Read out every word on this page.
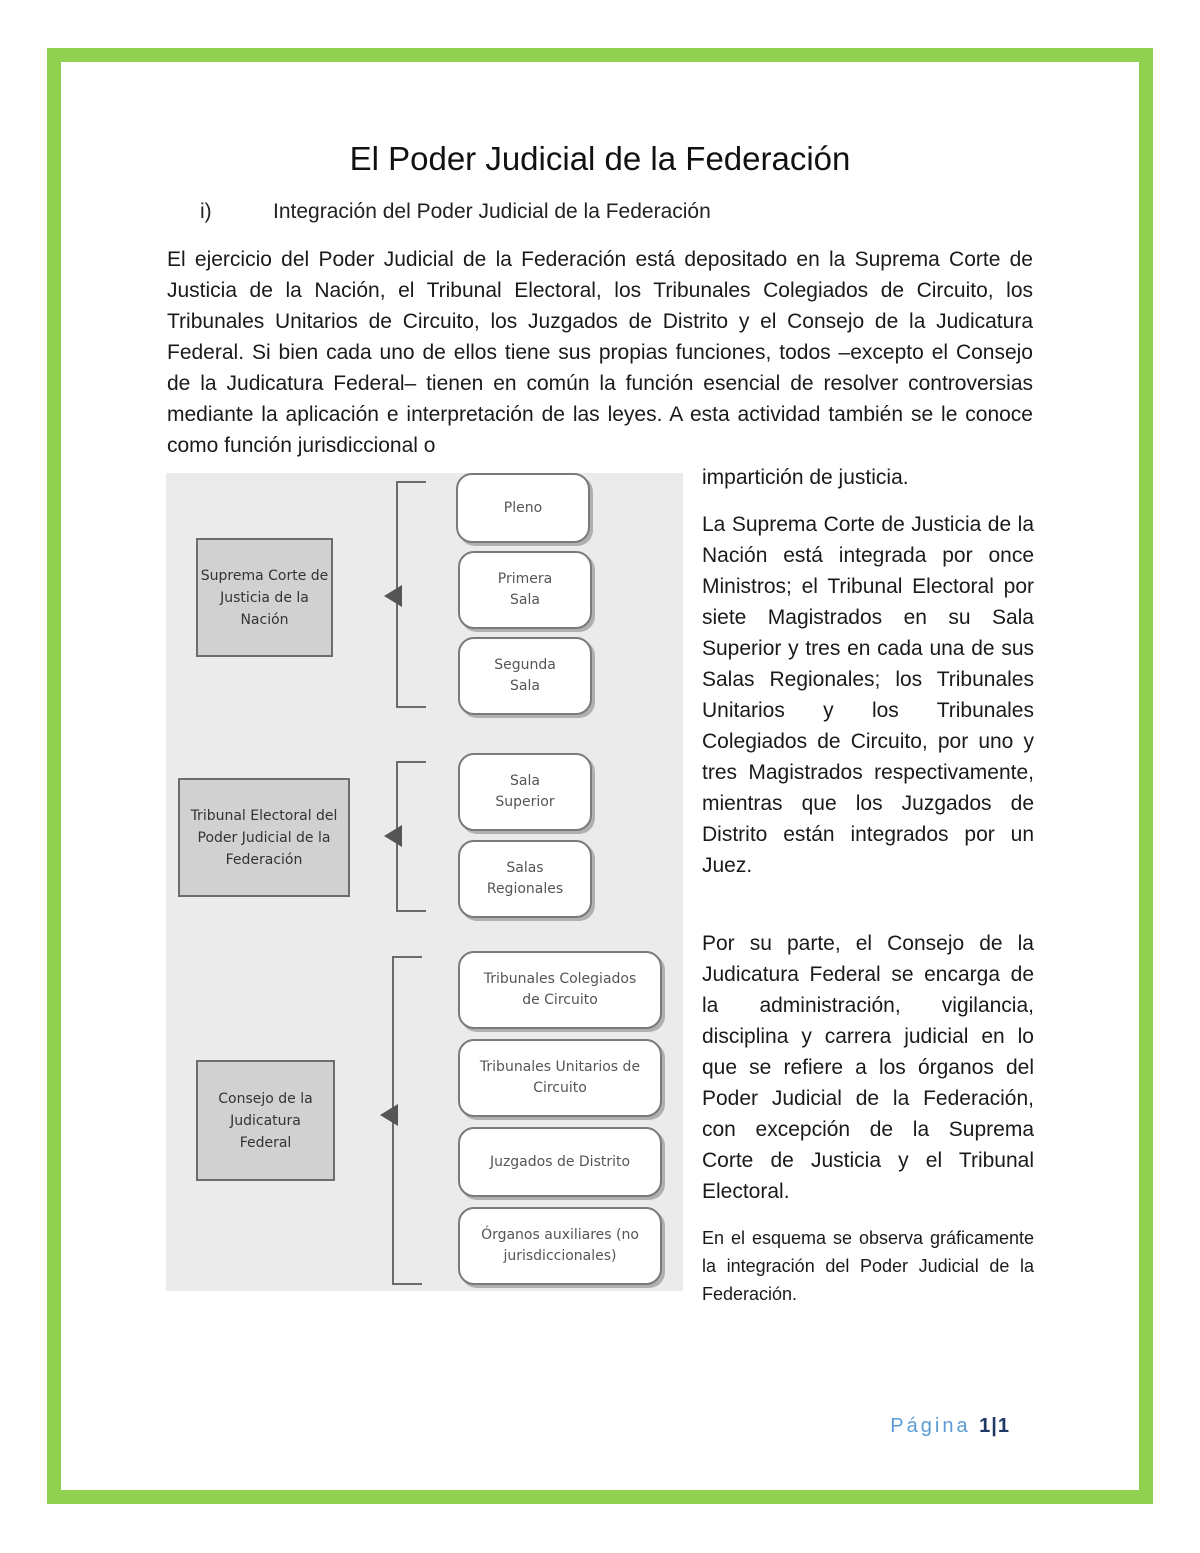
El Poder Judicial de la Federación
i)	Integración del Poder Judicial de la Federación
El ejercicio del Poder Judicial de la Federación está depositado en la Suprema Corte de Justicia de la Nación, el Tribunal Electoral, los Tribunales Colegiados de Circuito, los Tribunales Unitarios de Circuito, los Juzgados de Distrito y el Consejo de la Judicatura Federal. Si bien cada uno de ellos tiene sus propias funciones, todos –excepto el Consejo de la Judicatura Federal– tienen en común la función esencial de resolver controversias mediante la aplicación e interpretación de las leyes. A esta actividad también se le conoce como función jurisdiccional o
impartición de justicia.
Suprema Corte de Justicia de la Nación
Pleno
Primera Sala
Segunda Sala
Tribunal Electoral del Poder Judicial de la Federación
Sala Superior
Salas Regionales
Consejo de la Judicatura Federal
Tribunales Colegiados de Circuito
Tribunales Unitarios de Circuito
Juzgados de Distrito
Órganos auxiliares (no jurisdiccionales)
La Suprema Corte de Justicia de la Nación está integrada por once Ministros; el Tribunal Electoral por siete Magistrados en su Sala Superior y tres en cada una de sus Salas Regionales; los Tribunales Unitarios y los Tribunales Colegiados de Circuito, por uno y tres Magistrados respectivamente, mientras que los Juzgados de Distrito están integrados por un Juez.
Por su parte, el Consejo de la Judicatura Federal se encarga de la administración, vigilancia, disciplina y carrera judicial en lo que se refiere a los órganos del Poder Judicial de la Federación, con excepción de la Suprema Corte de Justicia y el Tribunal Electoral.
En el esquema se observa gráficamente la integración del Poder Judicial de la Federación.
Página 1|1
